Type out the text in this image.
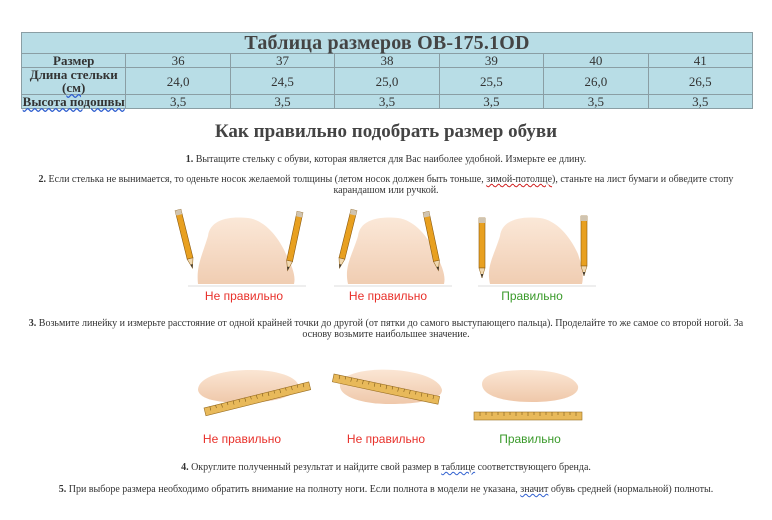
Таблица размеров OB-175.1OD						
Размер	36	37	38	39	40	41
Длина стельки (см)	24,0	24,5	25,0	25,5	26,0	26,5
Высота подошвы	3,5	3,5	3,5	3,5	3,5	3,5
Как правильно подобрать размер обуви
1. Вытащите стельку с обуви, которая является для Вас наиболее удобной. Измерьте ее длину.
2. Если стелька не вынимается, то оденьте носок желаемой толщины (летом носок должен быть тоньше, зимой-потолще), станьте на лист бумаги и обведите стопу карандашом или ручкой.
Не правильно	Не правильно	Правильно
3. Возьмите линейку и измерьте расстояние от одной крайней точки до другой (от пятки до самого выступающего пальца). Проделайте то же самое со второй ногой. За основу возьмите наибольшее значение.
Не правильно	Не правильно	Правильно
4. Округлите полученный результат и найдите свой размер в таблице соответствующего бренда.
5. При выборе размера необходимо обратить внимание на полноту ноги. Если полнота в модели не указана, значит обувь средней (нормальной) полноты.
